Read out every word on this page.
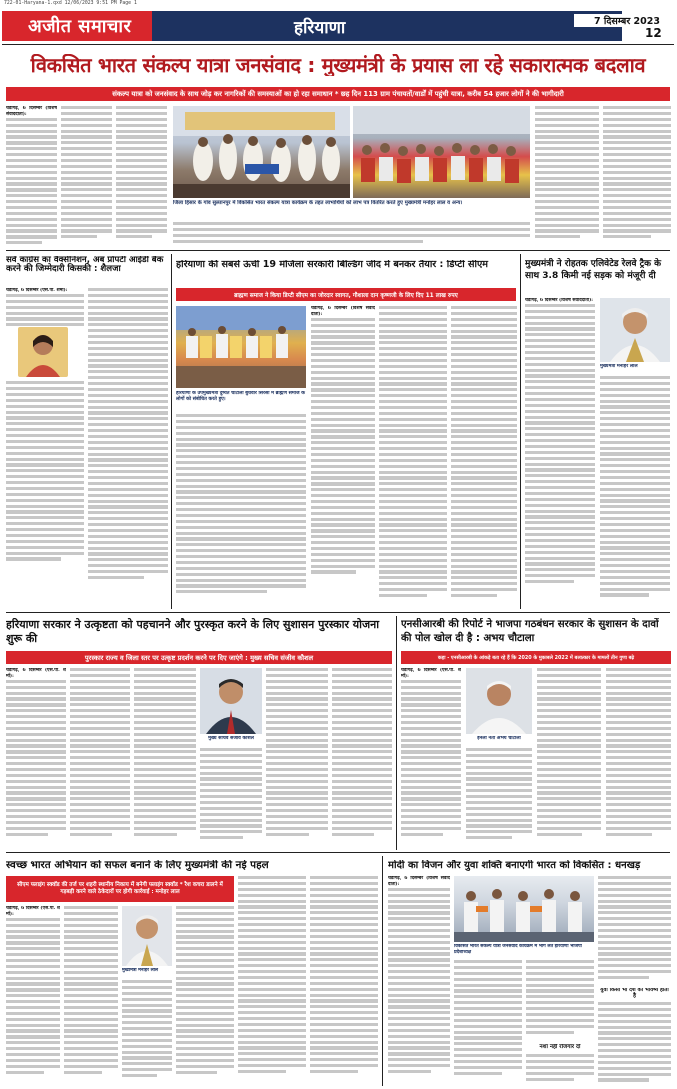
722-01-Haryana-1.qxd 12/06/2023 9:51 PM Page 1
अजीत समाचार	हरियाणा	7 दिसम्बर 2023
12
विकसित भारत संकल्प यात्रा जनसंवाद : मुख्यमंत्री के प्रयास ला रहे सकारात्मक बदलाव
संकल्प यात्रा को जनसंवाद के साथ जोड़ कर नागरिकों की समस्याओं का हो रहा समाधान * छह दिन 113 ग्राम पंचायतों/वार्डों में पहुंची यात्रा, करीब 54 हजार लोगों ने की भागीदारी
चंडीगढ़, 6 दिसम्बर (विशेष संवाददाता):
जिला हिसार के गांव सुल्तानपुर में विकसित भारत संकल्प यात्रा कार्यक्रम के तहत लाभार्थियों को लाभ पत्र वितरित करते हुए मुख्यमंत्री मनोहर लाल व अन्य।
सर्व कांग्रेस का वैक्सीनेशन, अब प्रॉपर्टी आईडी बैंक करने की जिम्मेदारी किसकी : शैलजा
चंडीगढ़, 6 दिसम्बर (एस.पी. शर्मा):
हरियाणा की सबसे ऊंची 19 मंजिला सरकारी बिल्डिंग जींद में बनकर तैयार : डिप्टी सीएम
ब्राह्मण समाज ने किया डिप्टी सीएम का जोरदार स्वागत, गौशाला दान कृष्णजी के लिए दिए 11 लाख रुपए
हरियाणा के उपमुख्यमंत्री दुष्यंत चौटाला बुधवार सिरसा में ब्राह्मण समाज के लोगों को संबोधित करते हुए।
चंडीगढ़, 6 दिसम्बर (विशेष संवाददाता):
मुख्यमंत्री ने रोहतक एलिवेटेड रेलवे ट्रैक के साथ 3.8 किमी नई सड़क को मंजूरी दी
चंडीगढ़, 6 दिसम्बर (विशेष संवाददाता):
मुख्यमंत्री मनोहर लाल
हरियाणा सरकार ने उत्कृष्टता को पहचानने और पुरस्कृत करने के लिए सुशासन पुरस्कार योजना शुरू की
पुरस्कार राज्य व जिला स्तर पर उत्कृष्ट प्रदर्शन करने पर दिए जाएंगे : मुख्य सचिव संजीव कौशल
चंडीगढ़, 6 दिसम्बर (एस.पी. शर्मा):
मुख्य सचिव संजीव कौशल
एनसीआरबी की रिपोर्ट ने भाजपा गठबंधन सरकार के सुशासन के दावों की पोल खोल दी है : अभय चौटाला
कहा - एनसीआरबी के आंकड़े बता रहे हैं कि 2020 के मुकाबले 2022 में बलात्कार के मामलों तीन गुणा बढ़े
चंडीगढ़, 6 दिसम्बर (एस.पी. शर्मा):
इनेलो नेता अभय चौटाला
स्वच्छ भारत अभियान को सफल बनाने के लिए मुख्यमंत्री की नई पहल
सीएम फ्लाइंग स्क्वॉड की तर्ज पर शहरी स्थानीय निकाय में बनेगी फ्लाइंग स्क्वॉड * रैश कचरा डालने में गड़बड़ी करने वाले ठेकेदारों पर होगी कार्रवाई : मनोहर लाल
चंडीगढ़, 6 दिसम्बर (एस.पी. शर्मा):
मुख्यमंत्री मनोहर लाल
मोदी का विजन और युवा शक्ति बनाएगी भारत को विकसित : धनखड़
चंडीगढ़, 6 दिसम्बर (विशेष संवाददाता):
विकसित भारत संकल्प यात्रा जनसंवाद कार्यक्रम में भाग लेते हरियाणा भाजपा प्रदेशाध्यक्ष
नशा नहीं रोजगार दो
युवा किसी भी देश का भविष्य होता है
